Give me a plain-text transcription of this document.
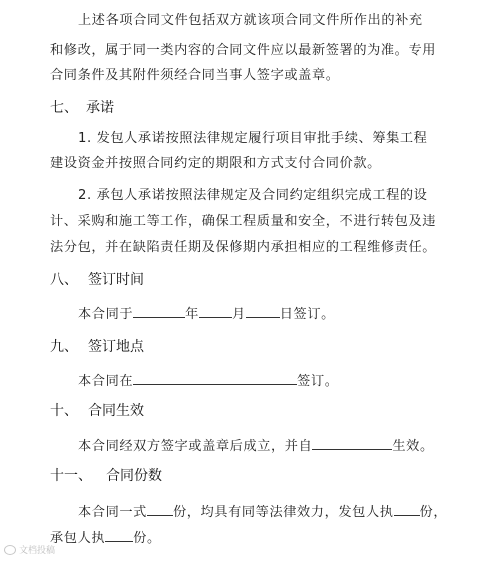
上述各项合同文件包括双方就该项合同文件所作出的补充
和修改，属于同一类内容的合同文件应以最新签署的为准。专用
合同条件及其附件须经合同当事人签字或盖章。
七、 承诺
1. 发包人承诺按照法律规定履行项目审批手续、筹集工程
建设资金并按照合同约定的期限和方式支付合同价款。
2. 承包人承诺按照法律规定及合同约定组织完成工程的设
计、采购和施工等工作，确保工程质量和安全，不进行转包及违
法分包，并在缺陷责任期及保修期内承担相应的工程维修责任。
八、 签订时间
本合同于	年	月	日签订。
九、 签订地点
本合同在	签订。
十、 合同生效
本合同经双方签字或盖章后成立，并自	生效。
十一、 合同份数
本合同一式 份，均具有同等法律效力，发包人执 份，
承包人执 份。
文档投稿
